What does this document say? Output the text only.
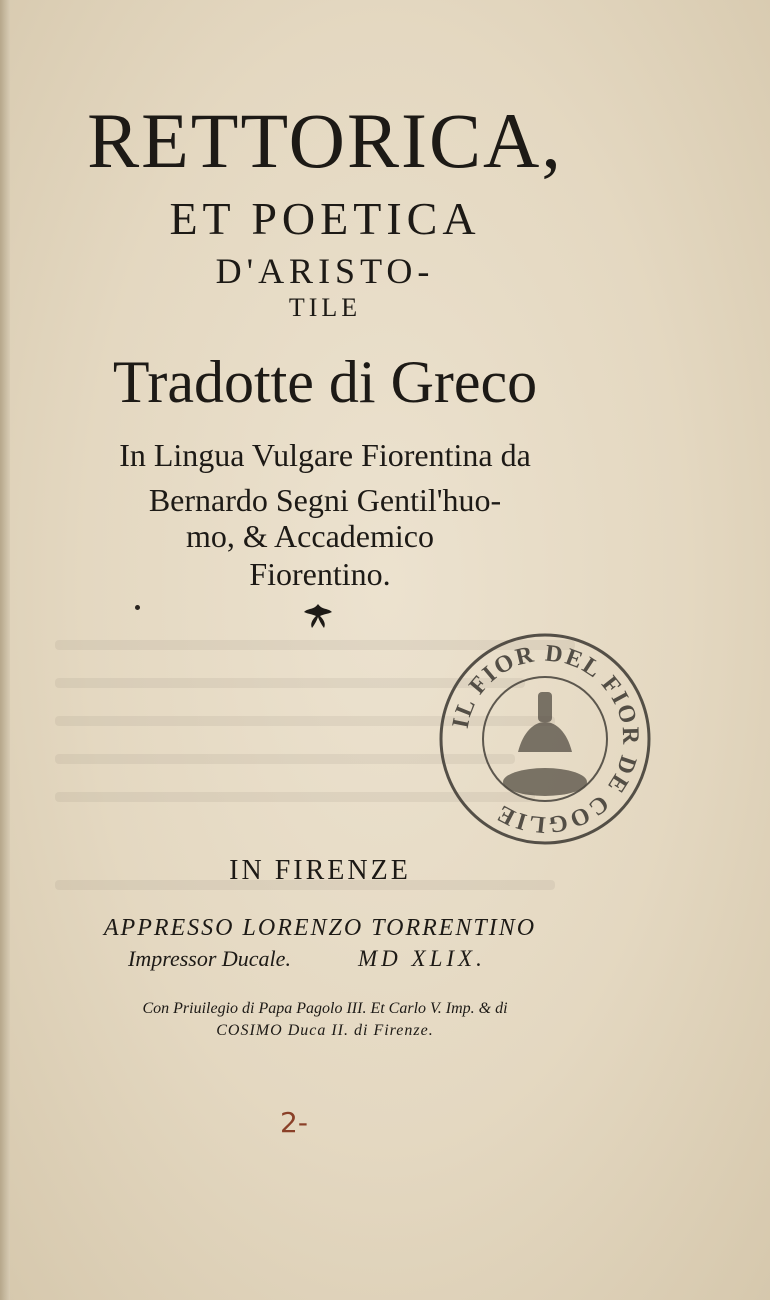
RETTORICA,
ET POETICA
D'ARISTO-
TILE
Tradotte di Greco
In Lingua Vulgare Fiorentina da
Bernardo Segni Gentil'huo-
mo, & Accademico
Fiorentino.
IL FIOR DEL FIOR DE COGLIE
IN FIRENZE
APPRESSO LORENZO TORRENTINO
Impressor Ducale.	MD XLIX.
Con Priuilegio di Papa Pagolo III. Et Carlo V. Imp. & di
COSIMO Duca II. di Firenze.
2-
